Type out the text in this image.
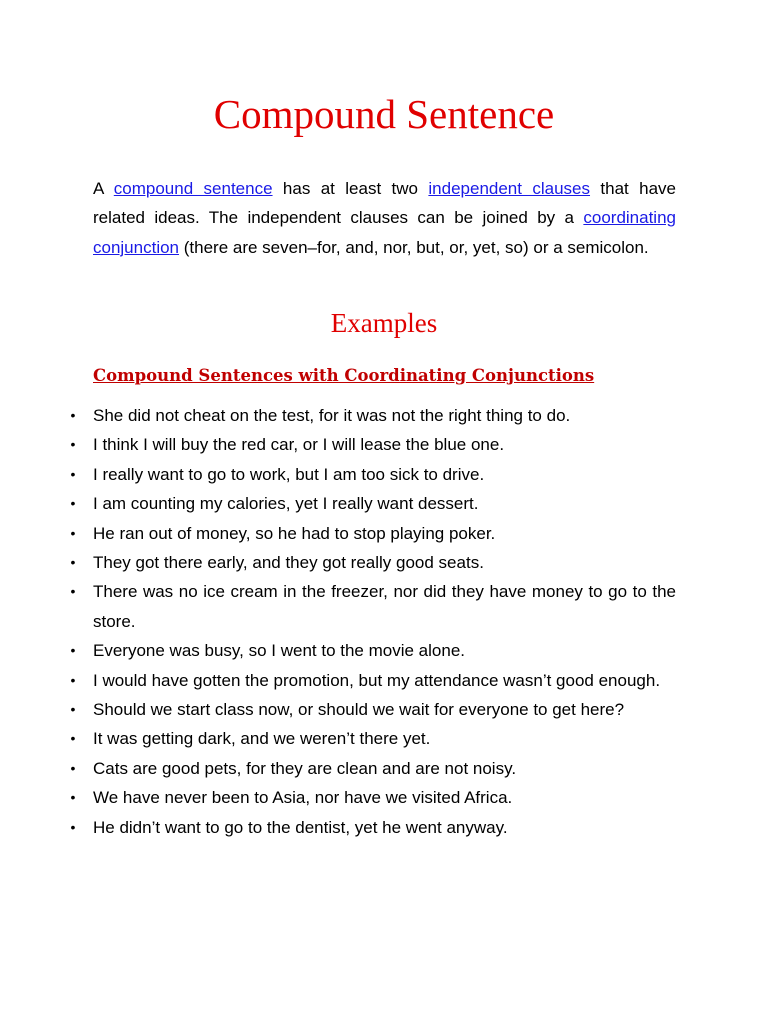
Compound Sentence

A compound sentence has at least two independent clauses that have related ideas. The independent clauses can be joined by a coordinating conjunction (there are seven–for, and, nor, but, or, yet, so) or a semicolon.

Examples
Compound Sentences with Coordinating Conjunctions
• She did not cheat on the test, for it was not the right thing to do.
• I think I will buy the red car, or I will lease the blue one.
• I really want to go to work, but I am too sick to drive.
• I am counting my calories, yet I really want dessert.
• He ran out of money, so he had to stop playing poker.
• They got there early, and they got really good seats.
• There was no ice cream in the freezer, nor did they have money to go to the store.
• Everyone was busy, so I went to the movie alone.
• I would have gotten the promotion, but my attendance wasn’t good enough.
• Should we start class now, or should we wait for everyone to get here?
• It was getting dark, and we weren’t there yet.
• Cats are good pets, for they are clean and are not noisy.
• We have never been to Asia, nor have we visited Africa.
• He didn’t want to go to the dentist, yet he went anyway.
